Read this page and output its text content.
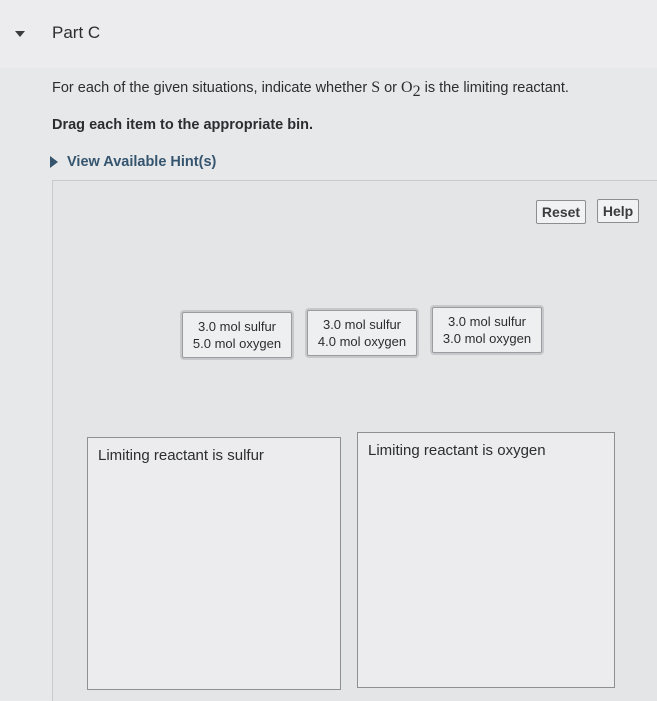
Part C
For each of the given situations, indicate whether S or $O_2$ is the limiting reactant.
Drag each item to the appropriate bin.
View Available Hint(s)
Reset	Help
3.0 mol sulfur
5.0 mol oxygen
3.0 mol sulfur
4.0 mol oxygen
3.0 mol sulfur
3.0 mol oxygen
Limiting reactant is sulfur	Limiting reactant is oxygen
